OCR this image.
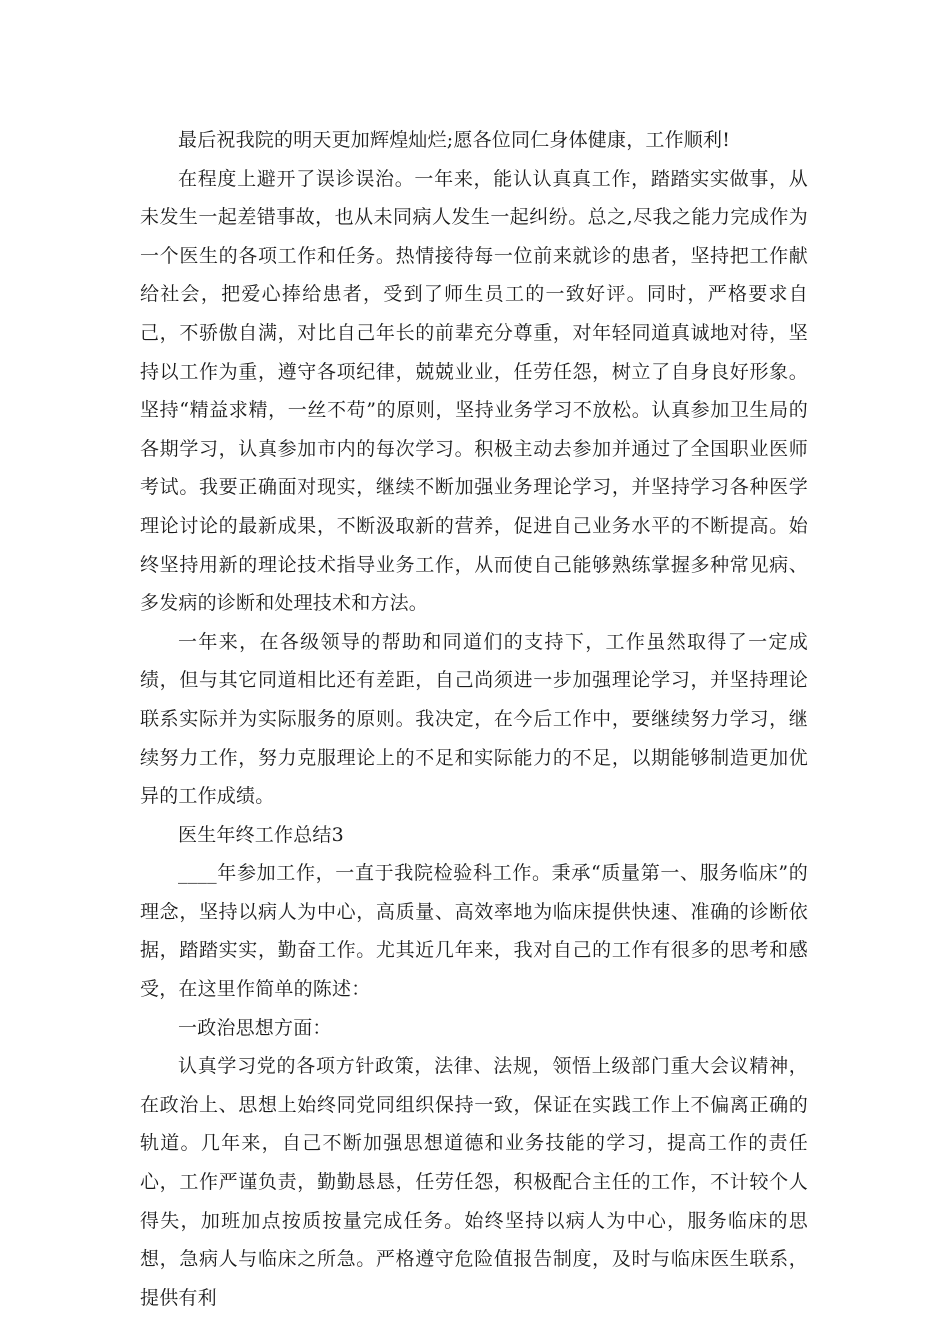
最后祝我院的明天更加辉煌灿烂;愿各位同仁身体健康，工作顺利!

在程度上避开了误诊误治。一年来，能认认真真工作，踏踏实实做事，从未发生一起差错事故，也从未同病人发生一起纠纷。总之,尽我之能力完成作为一个医生的各项工作和任务。热情接待每一位前来就诊的患者，坚持把工作献给社会，把爱心捧给患者，受到了师生员工的一致好评。同时，严格要求自己，不骄傲自满，对比自己年长的前辈充分尊重，对年轻同道真诚地对待，坚持以工作为重，遵守各项纪律，兢兢业业，任劳任怨，树立了自身良好形象。坚持“精益求精，一丝不苟”的原则，坚持业务学习不放松。认真参加卫生局的各期学习，认真参加市内的每次学习。积极主动去参加并通过了全国职业医师考试。我要正确面对现实，继续不断加强业务理论学习，并坚持学习各种医学理论讨论的最新成果，不断汲取新的营养，促进自己业务水平的不断提高。始终坚持用新的理论技术指导业务工作，从而使自己能够熟练掌握多种常见病、多发病的诊断和处理技术和方法。

一年来，在各级领导的帮助和同道们的支持下，工作虽然取得了一定成绩，但与其它同道相比还有差距，自己尚须进一步加强理论学习，并坚持理论联系实际并为实际服务的原则。我决定，在今后工作中，要继续努力学习，继续努力工作，努力克服理论上的不足和实际能力的不足，以期能够制造更加优异的工作成绩。

医生年终工作总结3

____年参加工作，一直于我院检验科工作。秉承“质量第一、服务临床”的理念，坚持以病人为中心，高质量、高效率地为临床提供快速、准确的诊断依据，踏踏实实，勤奋工作。尤其近几年来，我对自己的工作有很多的思考和感受，在这里作简单的陈述：

一政治思想方面：

认真学习党的各项方针政策，法律、法规，领悟上级部门重大会议精神，在政治上、思想上始终同党同组织保持一致，保证在实践工作上不偏离正确的轨道。几年来，自己不断加强思想道德和业务技能的学习，提高工作的责任心，工作严谨负责，勤勤恳恳，任劳任怨，积极配合主任的工作，不计较个人得失，加班加点按质按量完成任务。始终坚持以病人为中心，服务临床的思想，急病人与临床之所急。严格遵守危险值报告制度，及时与临床医生联系，提供有利
